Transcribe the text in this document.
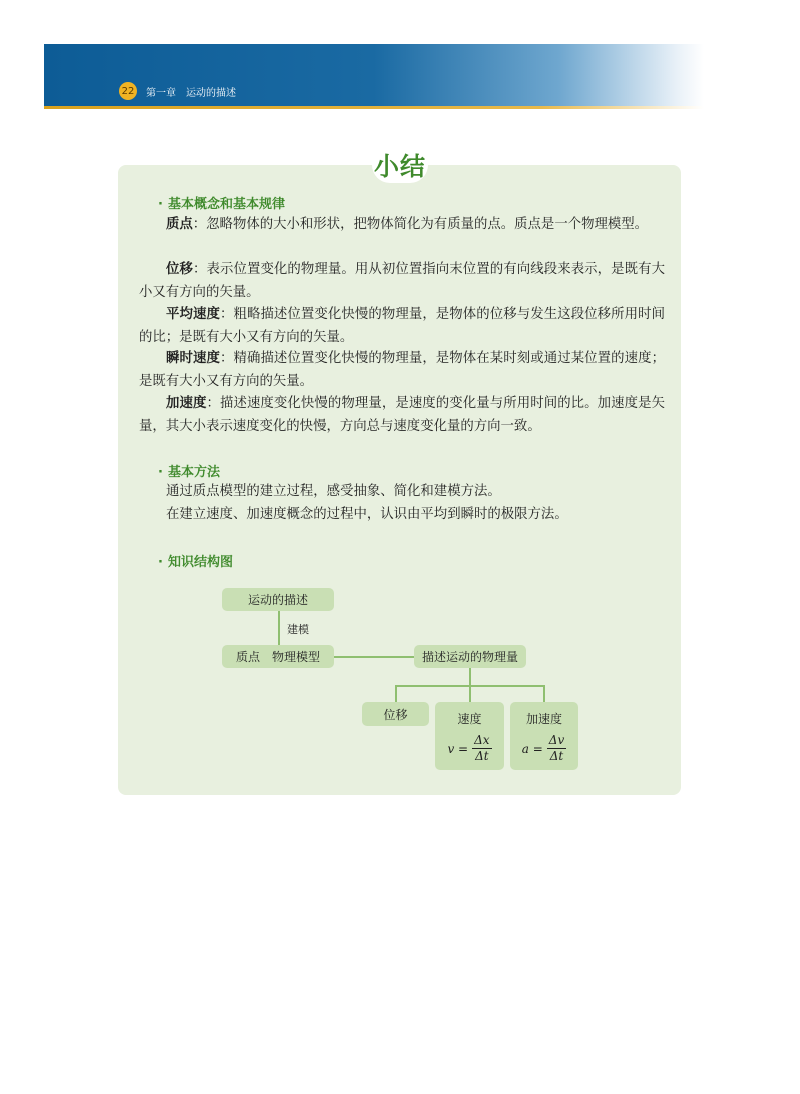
22 第一章 运动的描述
小结
· 基本概念和基本规律
质点：忽略物体的大小和形状，把物体简化为有质量的点。质点是一个物理模型。
位移：表示位置变化的物理量。用从初位置指向末位置的有向线段来表示，是既有大小又有方向的矢量。
平均速度：粗略描述位置变化快慢的物理量，是物体的位移与发生这段位移所用时间的比；是既有大小又有方向的矢量。
瞬时速度：精确描述位置变化快慢的物理量，是物体在某时刻或通过某位置的速度；是既有大小又有方向的矢量。
加速度：描述速度变化快慢的物理量，是速度的变化量与所用时间的比。加速度是矢量，其大小表示速度变化的快慢，方向总与速度变化量的方向一致。
· 基本方法
通过质点模型的建立过程，感受抽象、简化和建模方法。
在建立速度、加速度概念的过程中，认识由平均到瞬时的极限方法。
· 知识结构图
运动的描述
建模
质点　物理模型	描述运动的物理量
位移	速度
$v = \frac{\Delta x}{\Delta t}$
加速度
$a = \frac{\Delta v}{\Delta t}$
